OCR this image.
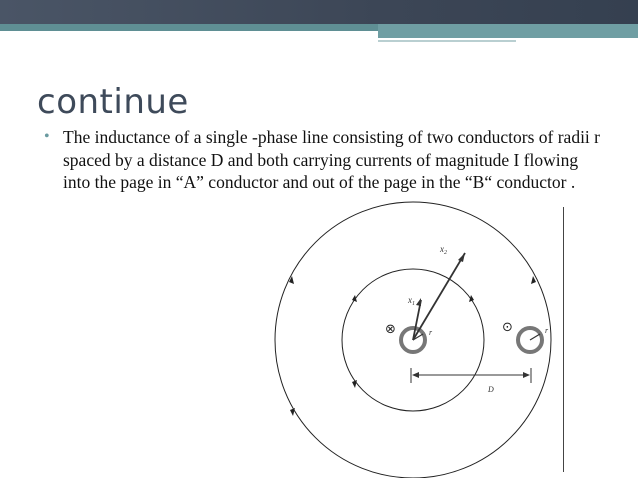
continue
• The inductance of a single -phase line consisting of two conductors of radii r spaced by a distance D and both carrying currents of magnitude I flowing into the page in “A” conductor and out of the page in the “B“ conductor .
$x_2$
$x_1$
r	r
D
⊗	⊙
